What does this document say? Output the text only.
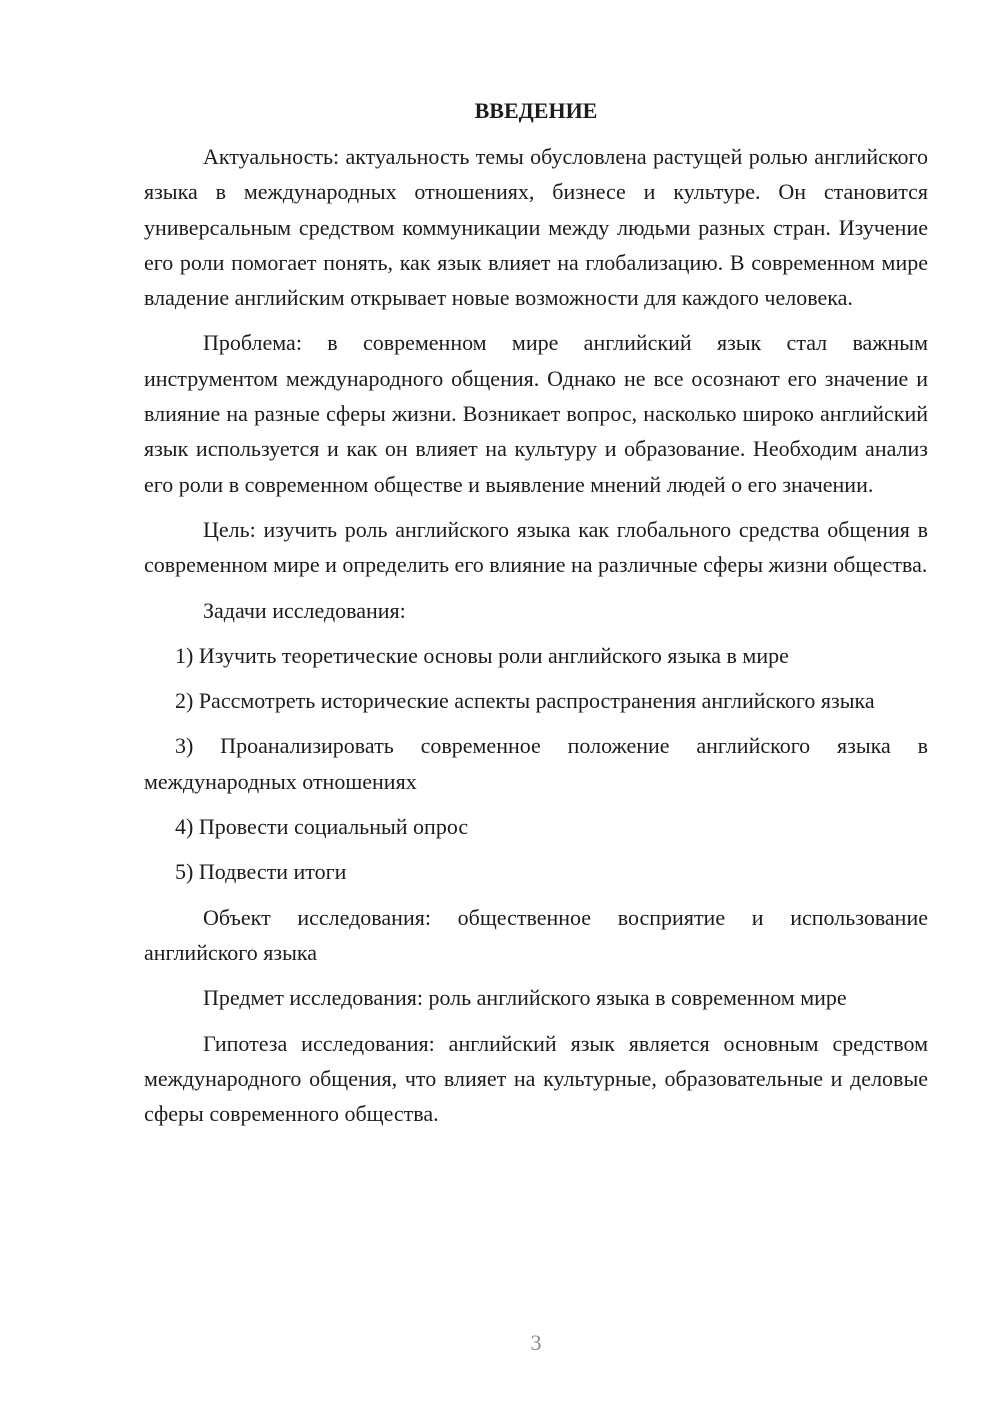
ВВЕДЕНИЕ

Актуальность: актуальность темы обусловлена растущей ролью английского языка в международных отношениях, бизнесе и культуре. Он становится универсальным средством коммуникации между людьми разных стран. Изучение его роли помогает понять, как язык влияет на глобализацию. В современном мире владение английским открывает новые возможности для каждого человека.

Проблема: в современном мире английский язык стал важным инструментом международного общения. Однако не все осознают его значение и влияние на разные сферы жизни. Возникает вопрос, насколько широко английский язык используется и как он влияет на культуру и образование. Необходим анализ его роли в современном обществе и выявление мнений людей о его значении.

Цель: изучить роль английского языка как глобального средства общения в современном мире и определить его влияние на различные сферы жизни общества.

Задачи исследования:

1) Изучить теоретические основы роли английского языка в мире

2) Рассмотреть исторические аспекты распространения английского языка

3) Проанализировать современное положение английского языка в международных отношениях

4) Провести социальный опрос

5) Подвести итоги

Объект исследования: общественное восприятие и использование английского языка

Предмет исследования: роль английского языка в современном мире

Гипотеза исследования: английский язык является основным средством международного общения, что влияет на культурные, образовательные и деловые сферы современного общества.

3
